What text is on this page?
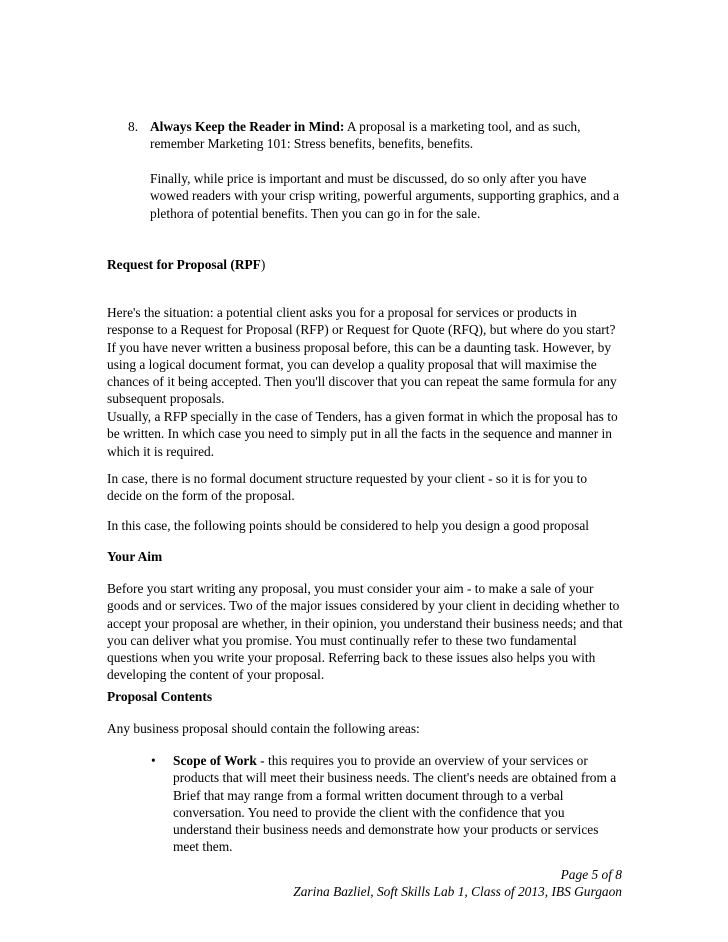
8. Always Keep the Reader in Mind: A proposal is a marketing tool, and as such, remember Marketing 101: Stress benefits, benefits, benefits.

Finally, while price is important and must be discussed, do so only after you have wowed readers with your crisp writing, powerful arguments, supporting graphics, and a plethora of potential benefits. Then you can go in for the sale.

Request for Proposal (RPF)

Here's the situation: a potential client asks you for a proposal for services or products in response to a Request for Proposal (RFP) or Request for Quote (RFQ), but where do you start? If you have never written a business proposal before, this can be a daunting task. However, by using a logical document format, you can develop a quality proposal that will maximise the chances of it being accepted. Then you'll discover that you can repeat the same formula for any subsequent proposals.

Usually, a RFP specially in the case of Tenders, has a given format in which the proposal has to be written. In which case you need to simply put in all the facts in the sequence and manner in which it is required.

In case, there is no formal document structure requested by your client - so it is for you to decide on the form of the proposal.

In this case, the following points should be considered to help you design a good proposal

Your Aim

Before you start writing any proposal, you must consider your aim - to make a sale of your goods and or services. Two of the major issues considered by your client in deciding whether to accept your proposal are whether, in their opinion, you understand their business needs; and that you can deliver what you promise. You must continually refer to these two fundamental questions when you write your proposal. Referring back to these issues also helps you with developing the content of your proposal.

Proposal Contents

Any business proposal should contain the following areas:

• Scope of Work - this requires you to provide an overview of your services or products that will meet their business needs. The client's needs are obtained from a Brief that may range from a formal written document through to a verbal conversation. You need to provide the client with the confidence that you understand their business needs and demonstrate how your products or services meet them.

Page 5 of 8
Zarina Bazliel, Soft Skills Lab 1, Class of 2013, IBS Gurgaon
